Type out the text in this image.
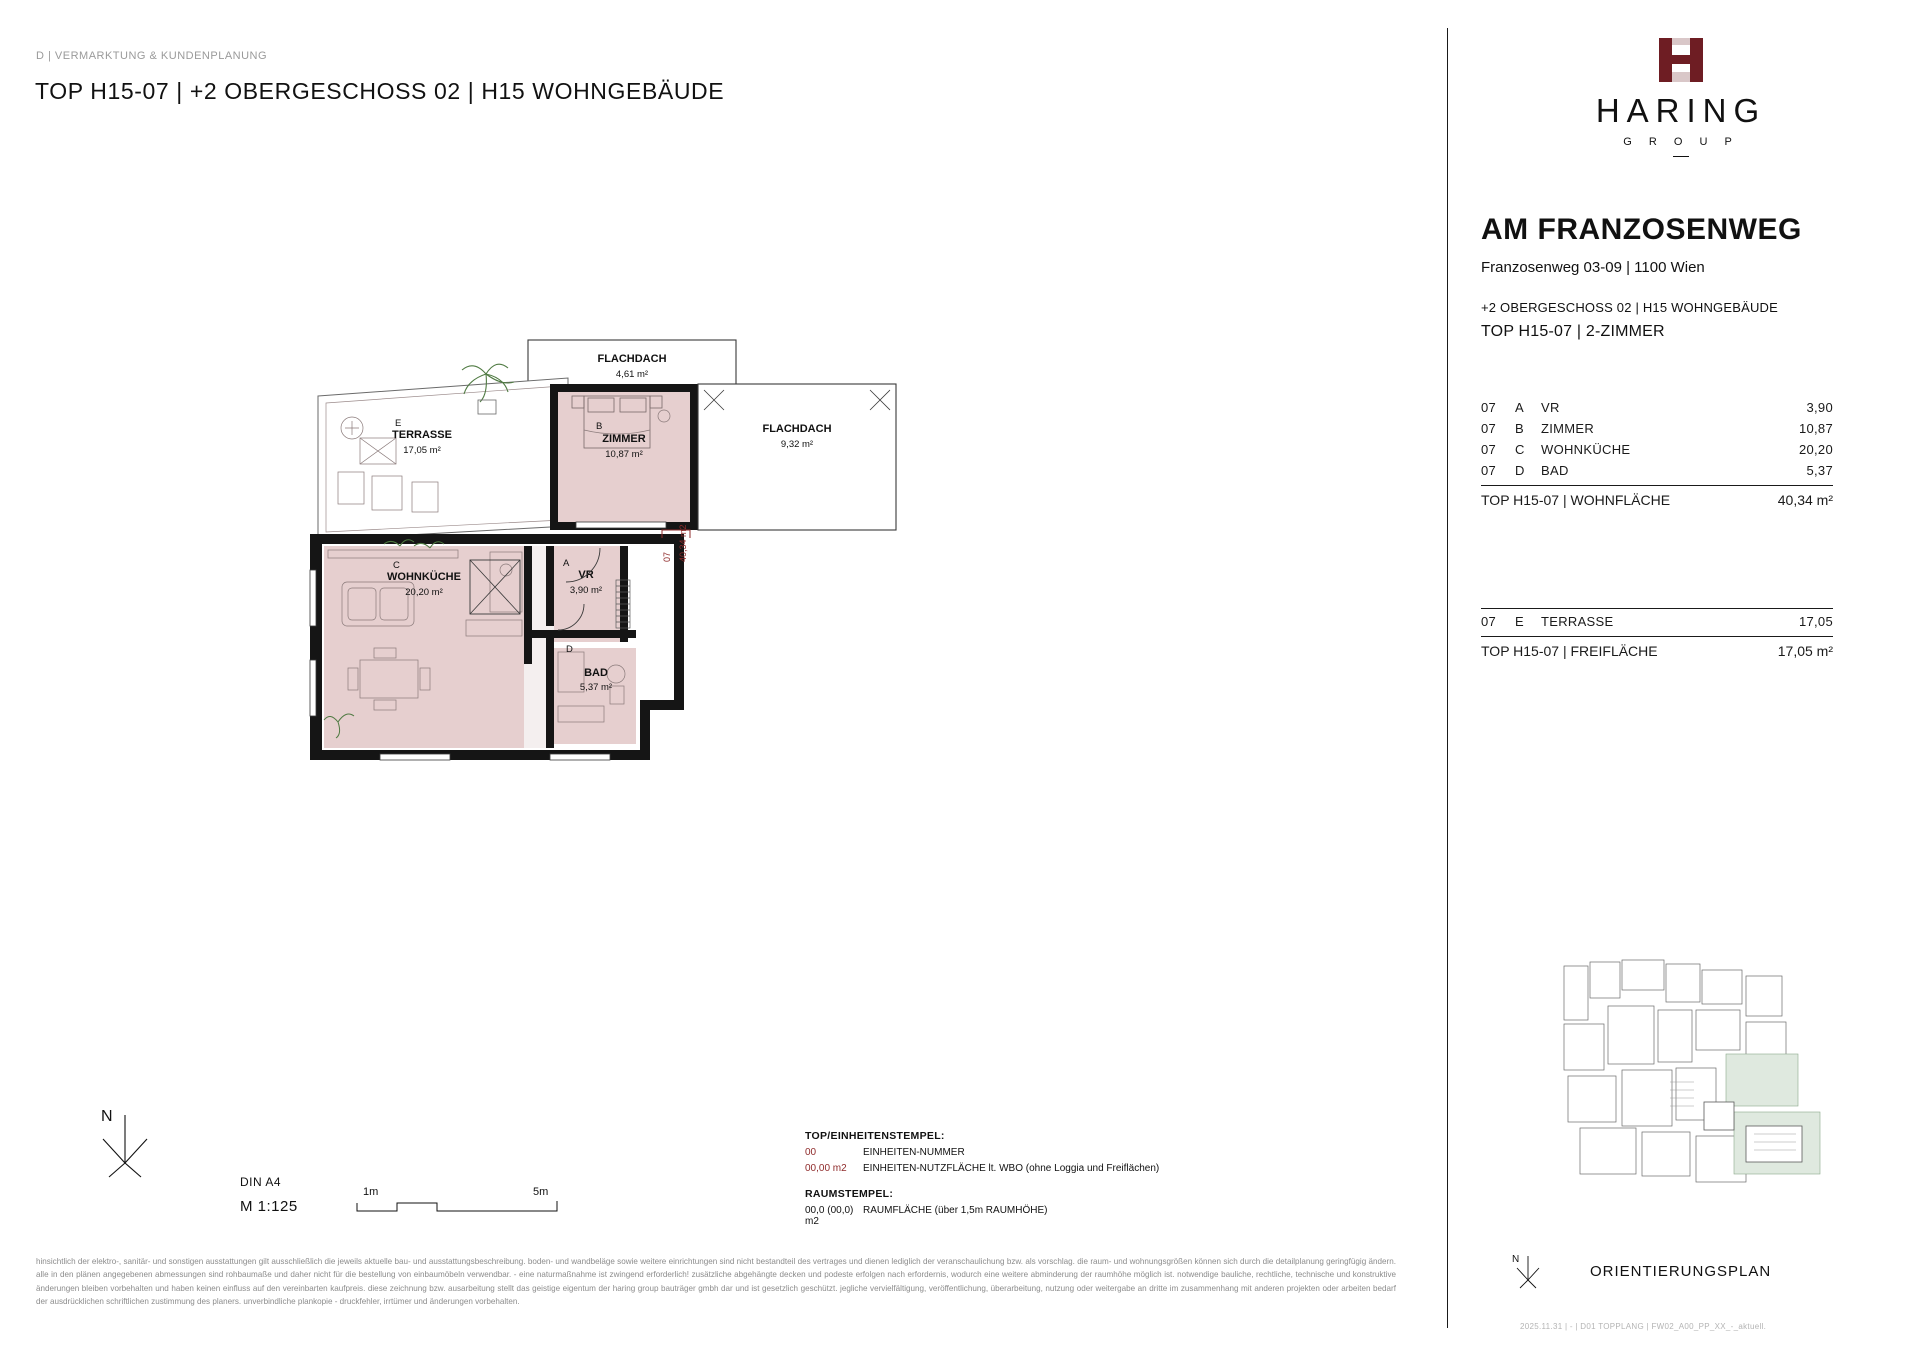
D | VERMARKTUNG & KUNDENPLANUNG
TOP H15-07 | +2 OBERGESCHOSS 02 | H15 WOHNGEBÄUDE
FLACHDACH
4,61 m²
TERRASSE
17,05 m²
E
ZIMMER
10,87 m²
B	FLACHDACH
9,32 m²
WOHNKÜCHE
20,20 m²
C
VR
3,90 m²
A
BAD
5,37 m²
D
07 40,34 m2
N
DIN A4
M 1:125
1m	5m
TOP/EINHEITENSTEMPEL:
00	EINHEITEN-NUMMER
00,00 m2	EINHEITEN-NUTZFLÄCHE lt. WBO (ohne Loggia und Freiflächen)
RAUMSTEMPEL:
00,0 (00,0) m2
RAUMFLÄCHE (über 1,5m RAUMHÖHE)
hinsichtlich der elektro-, sanitär- und sonstigen ausstattungen gilt ausschließlich die jeweils aktuelle bau- und ausstattungsbeschreibung. boden- und wandbeläge sowie weitere einrichtungen sind nicht bestandteil des vertrages und dienen lediglich der veranschaulichung bzw. als vorschlag. die raum- und wohnungsgrößen können sich durch die detailplanung geringfügig ändern. alle in den plänen angegebenen abmessungen sind rohbaumaße und daher nicht für die bestellung von einbaumöbeln verwendbar. - eine naturmaßnahme ist zwingend erforderlich! zusätzliche abgehängte decken und podeste erfolgen nach erfordernis, wodurch eine weitere abminderung der raumhöhe möglich ist. notwendige bauliche, rechtliche, technische und konstruktive änderungen bleiben vorbehalten und haben keinen einfluss auf den vereinbarten kaufpreis. diese zeichnung bzw. ausarbeitung stellt das geistige eigentum der haring group bauträger gmbh dar und ist gesetzlich geschützt. jegliche vervielfältigung, veröffentlichung, überarbeitung, nutzung oder weitergabe an dritte im zusammenhang mit anderen projekten oder arbeiten bedarf der ausdrücklichen schriftlichen zustimmung des planers. unverbindliche plankopie - druckfehler, irrtümer und änderungen vorbehalten.
HARING
G R O U P
AM FRANZOSENWEG
Franzosenweg 03-09 | 1100 Wien
+2 OBERGESCHOSS 02 | H15 WOHNGEBÄUDE
TOP H15-07 | 2-ZIMMER
07	A	VR	3,90
07	B	ZIMMER	10,87
07	C	WOHNKÜCHE	20,20
07	D	BAD	5,37
TOP H15-07 | WOHNFLÄCHE	40,34 m²
07	E	TERRASSE	17,05
TOP H15-07 | FREIFLÄCHE	17,05 m²
N
ORIENTIERUNGSPLAN
2025.11.31 | - | D01 TOPPLANG | FW02_A00_PP_XX_-_aktuell.
